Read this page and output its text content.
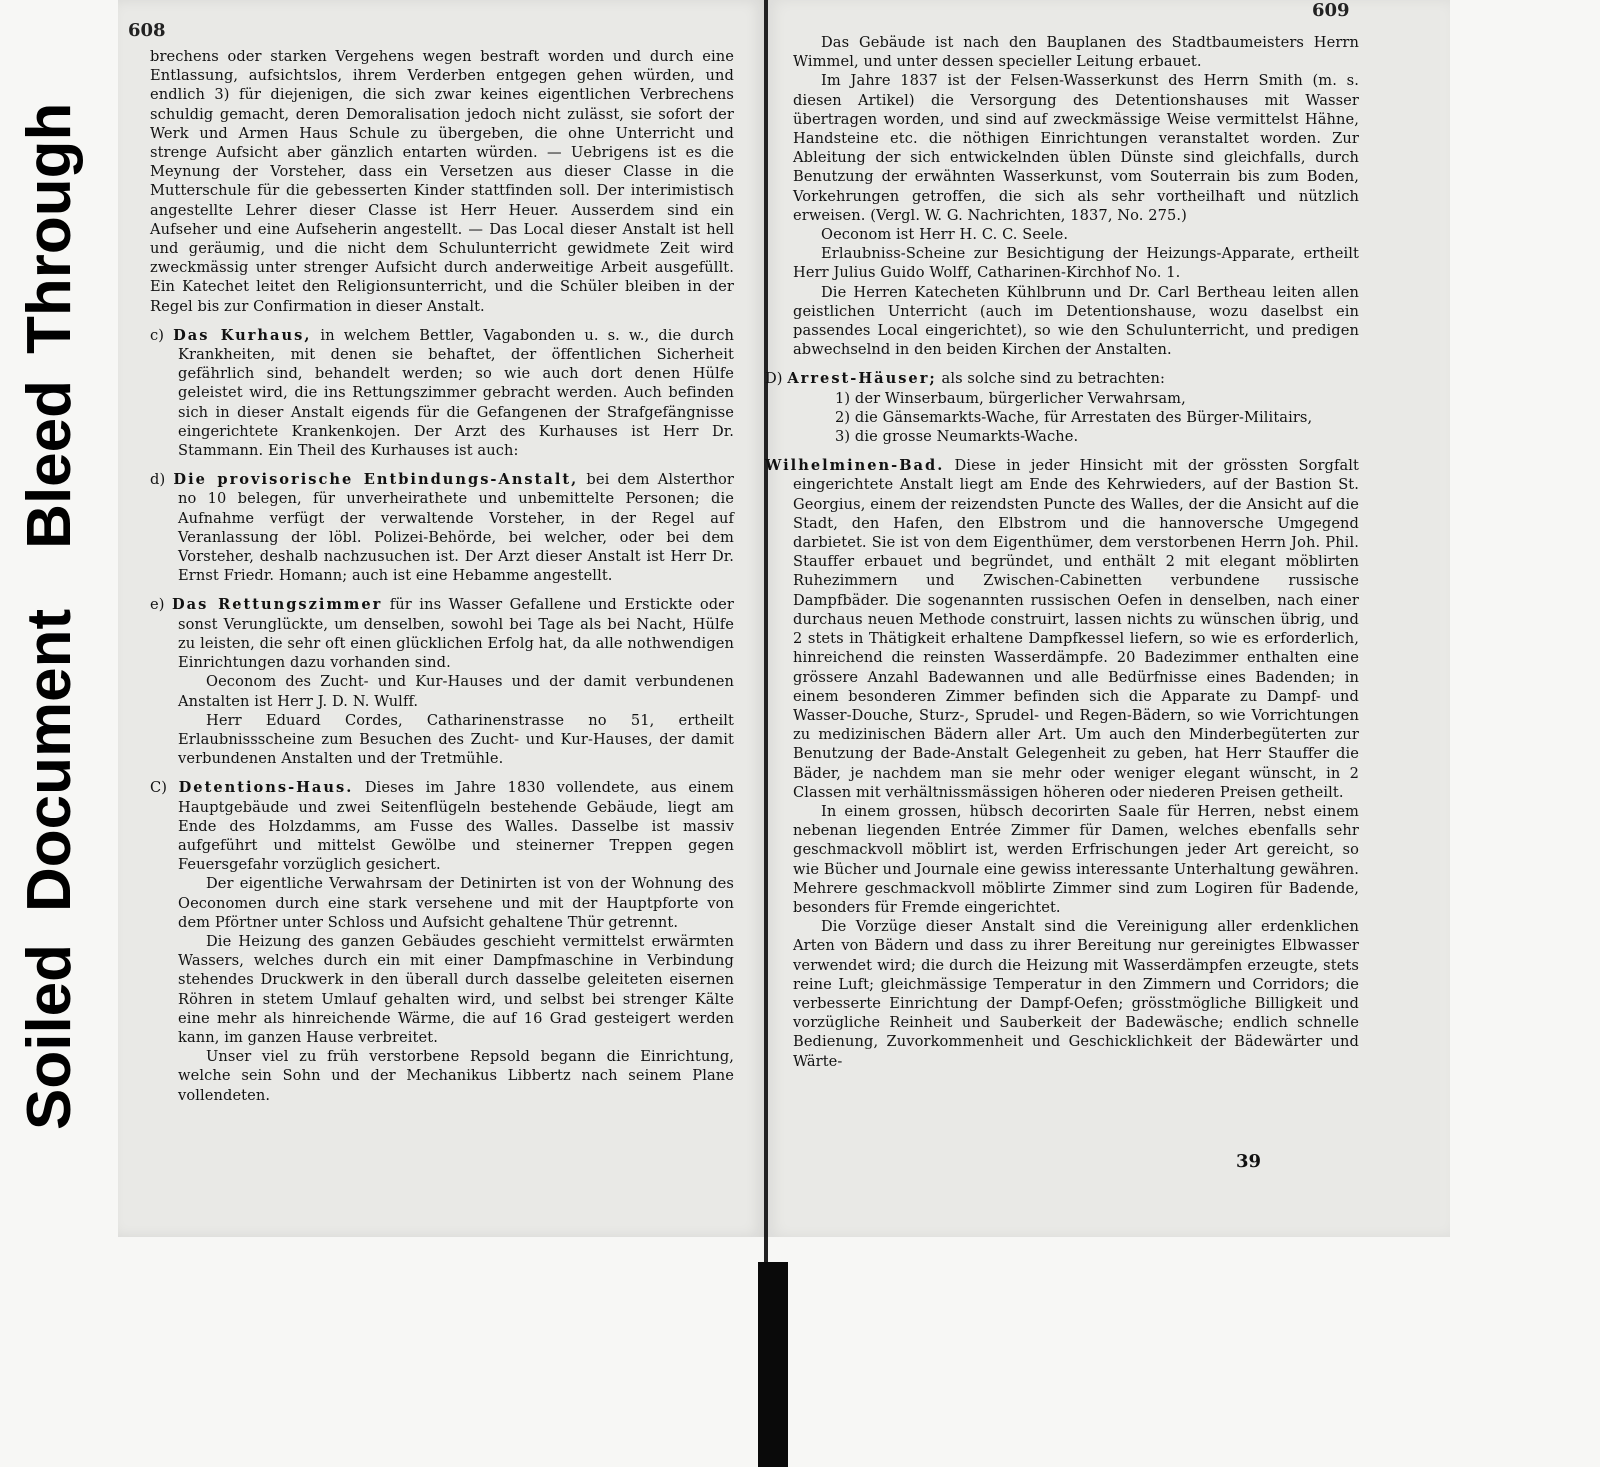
SoiledDocumentBleedThrough
608
609

brechens oder starken Vergehens wegen bestraft worden und durch eine Entlassung, aufsichtslos, ihrem Verderben entgegen gehen würden, und endlich 3) für diejenigen, die sich zwar keines eigentlichen Verbrechens schuldig gemacht, deren Demoralisation jedoch nicht zulässt, sie sofort der Werk und Armen Haus Schule zu übergeben, die ohne Unterricht und strenge Aufsicht aber gänzlich entarten würden. — Uebrigens ist es die Meynung der Vorsteher, dass ein Versetzen aus dieser Classe in die Mutterschule für die gebesserten Kinder stattfinden soll. Der interimistisch angestellte Lehrer dieser Classe ist Herr Heuer. Ausserdem sind ein Aufseher und eine Aufseherin angestellt. — Das Local dieser Anstalt ist hell und geräumig, und die nicht dem Schulunterricht gewidmete Zeit wird zweckmässig unter strenger Aufsicht durch anderweitige Arbeit ausgefüllt. Ein Katechet leitet den Religionsunterricht, und die Schüler bleiben in der Regel bis zur Confirmation in dieser Anstalt.

c) Das Kurhaus, in welchem Bettler, Vagabonden u. s. w., die durch Krankheiten, mit denen sie behaftet, der öffentlichen Sicherheit gefährlich sind, behandelt werden; so wie auch dort denen Hülfe geleistet wird, die ins Rettungszimmer gebracht werden. Auch befinden sich in dieser Anstalt eigends für die Gefangenen der Strafgefängnisse eingerichtete Krankenkojen. Der Arzt des Kurhauses ist Herr Dr. Stammann. Ein Theil des Kurhauses ist auch:

d) Die provisorische Entbindungs-Anstalt, bei dem Alsterthor no 10 belegen, für unverheirathete und unbemittelte Personen; die Aufnahme verfügt der verwaltende Vorsteher, in der Regel auf Veranlassung der löbl. Polizei-Behörde, bei welcher, oder bei dem Vorsteher, deshalb nachzusuchen ist. Der Arzt dieser Anstalt ist Herr Dr. Ernst Friedr. Homann; auch ist eine Hebamme angestellt.

e) Das Rettungszimmer für ins Wasser Gefallene und Erstickte oder sonst Verunglückte, um denselben, sowohl bei Tage als bei Nacht, Hülfe zu leisten, die sehr oft einen glücklichen Erfolg hat, da alle nothwendigen Einrichtungen dazu vorhanden sind.

Oeconom des Zucht- und Kur-Hauses und der damit verbundenen Anstalten ist Herr J. D. N. Wulff.

Herr Eduard Cordes, Catharinenstrasse no 51, ertheilt Erlaubnissscheine zum Besuchen des Zucht- und Kur-Hauses, der damit verbundenen Anstalten und der Tretmühle.

C) Detentions-Haus. Dieses im Jahre 1830 vollendete, aus einem Hauptgebäude und zwei Seitenflügeln bestehende Gebäude, liegt am Ende des Holzdamms, am Fusse des Walles. Dasselbe ist massiv aufgeführt und mittelst Gewölbe und steinerner Treppen gegen Feuersgefahr vorzüglich gesichert.

Der eigentliche Verwahrsam der Detinirten ist von der Wohnung des Oeconomen durch eine stark versehene und mit der Hauptpforte von dem Pförtner unter Schloss und Aufsicht gehaltene Thür getrennt.

Die Heizung des ganzen Gebäudes geschieht vermittelst erwärmten Wassers, welches durch ein mit einer Dampfmaschine in Verbindung stehendes Druckwerk in den überall durch dasselbe geleiteten eisernen Röhren in stetem Umlauf gehalten wird, und selbst bei strenger Kälte eine mehr als hinreichende Wärme, die auf 16 Grad gesteigert werden kann, im ganzen Hause verbreitet.

Unser viel zu früh verstorbene Repsold begann die Einrichtung, welche sein Sohn und der Mechanikus Libbertz nach seinem Plane vollendeten.

Das Gebäude ist nach den Bauplanen des Stadtbaumeisters Herrn Wimmel, und unter dessen specieller Leitung erbauet.

Im Jahre 1837 ist der Felsen-Wasserkunst des Herrn Smith (m. s. diesen Artikel) die Versorgung des Detentionshauses mit Wasser übertragen worden, und sind auf zweckmässige Weise vermittelst Hähne, Handsteine etc. die nöthigen Einrichtungen veranstaltet worden. Zur Ableitung der sich entwickelnden üblen Dünste sind gleichfalls, durch Benutzung der erwähnten Wasserkunst, vom Souterrain bis zum Boden, Vorkehrungen getroffen, die sich als sehr vortheilhaft und nützlich erweisen. (Vergl. W. G. Nachrichten, 1837, No. 275.)

Oeconom ist Herr H. C. C. Seele.

Erlaubniss-Scheine zur Besichtigung der Heizungs-Apparate, ertheilt Herr Julius Guido Wolff, Catharinen-Kirchhof No. 1.

Die Herren Katecheten Kühlbrunn und Dr. Carl Bertheau leiten allen geistlichen Unterricht (auch im Detentionshause, wozu daselbst ein passendes Local eingerichtet), so wie den Schulunterricht, und predigen abwechselnd in den beiden Kirchen der Anstalten.

D) Arrest-Häuser; als solche sind zu betrachten:

1) der Winserbaum, bürgerlicher Verwahrsam,

2) die Gänsemarkts-Wache, für Arrestaten des Bürger-Militairs,

3) die grosse Neumarkts-Wache.

Wilhelminen-Bad. Diese in jeder Hinsicht mit der grössten Sorgfalt eingerichtete Anstalt liegt am Ende des Kehrwieders, auf der Bastion St. Georgius, einem der reizendsten Puncte des Walles, der die Ansicht auf die Stadt, den Hafen, den Elbstrom und die hannoversche Umgegend darbietet. Sie ist von dem Eigenthümer, dem verstorbenen Herrn Joh. Phil. Stauffer erbauet und begründet, und enthält 2 mit elegant möblirten Ruhezimmern und Zwischen-Cabinetten verbundene russische Dampfbäder. Die sogenannten russischen Oefen in denselben, nach einer durchaus neuen Methode construirt, lassen nichts zu wünschen übrig, und 2 stets in Thätigkeit erhaltene Dampfkessel liefern, so wie es erforderlich, hinreichend die reinsten Wasserdämpfe. 20 Badezimmer enthalten eine grössere Anzahl Badewannen und alle Bedürfnisse eines Badenden; in einem besonderen Zimmer befinden sich die Apparate zu Dampf- und Wasser-Douche, Sturz-, Sprudel- und Regen-Bädern, so wie Vorrichtungen zu medizinischen Bädern aller Art. Um auch den Minderbegüterten zur Benutzung der Bade-Anstalt Gelegenheit zu geben, hat Herr Stauffer die Bäder, je nachdem man sie mehr oder weniger elegant wünscht, in 2 Classen mit verhältnissmässigen höheren oder niederen Preisen getheilt.

In einem grossen, hübsch decorirten Saale für Herren, nebst einem nebenan liegenden Entrée Zimmer für Damen, welches ebenfalls sehr geschmackvoll möblirt ist, werden Erfrischungen jeder Art gereicht, so wie Bücher und Journale eine gewiss interessante Unterhaltung gewähren. Mehrere geschmackvoll möblirte Zimmer sind zum Logiren für Badende, besonders für Fremde eingerichtet.

Die Vorzüge dieser Anstalt sind die Vereinigung aller erdenklichen Arten von Bädern und dass zu ihrer Bereitung nur gereinigtes Elbwasser verwendet wird; die durch die Heizung mit Wasserdämpfen erzeugte, stets reine Luft; gleichmässige Temperatur in den Zimmern und Corridors; die verbesserte Einrichtung der Dampf-Oefen; grösstmögliche Billigkeit und vorzügliche Reinheit und Sauberkeit der Badewäsche; endlich schnelle Bedienung, Zuvorkommenheit und Geschicklichkeit der Bädewärter und Wärte-

39
